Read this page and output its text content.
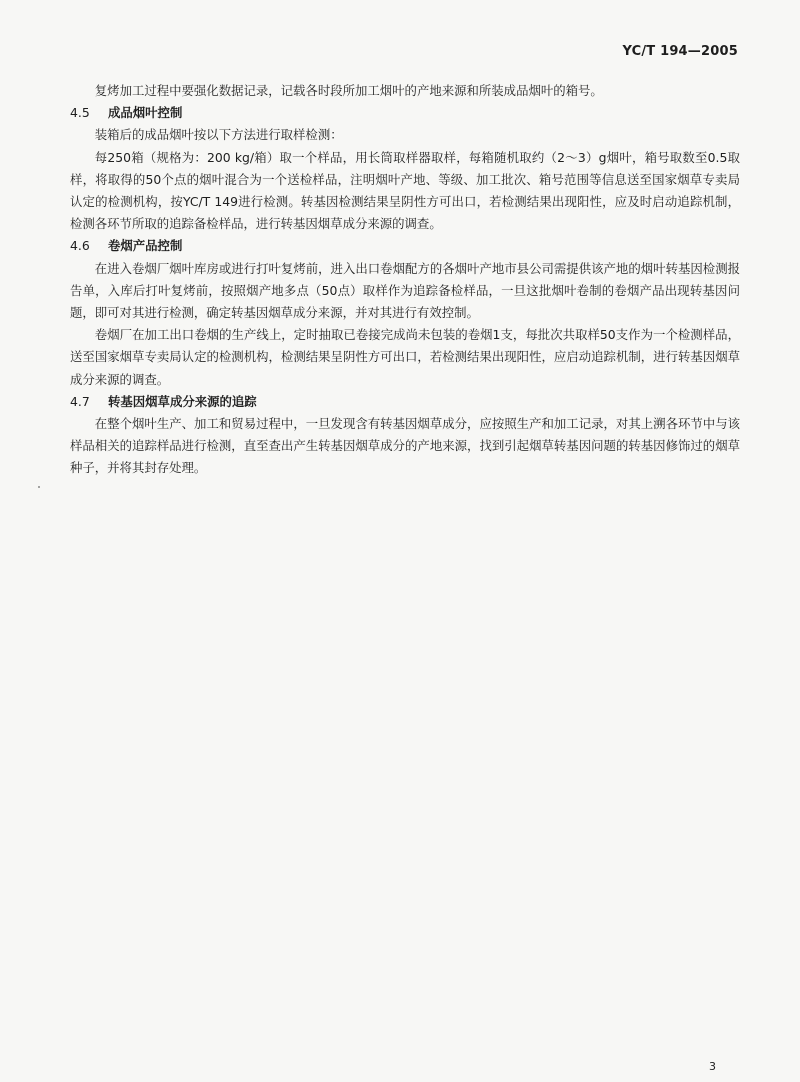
YC/T 194—2005

复烤加工过程中要强化数据记录，记载各时段所加工烟叶的产地来源和所装成品烟叶的箱号。

4.5	成品烟叶控制

装箱后的成品烟叶按以下方法进行取样检测：

每250箱（规格为：200 kg/箱）取一个样品，用长筒取样器取样，每箱随机取约（2～3）g烟叶，箱号取数至0.5取样，将取得的50个点的烟叶混合为一个送检样品，注明烟叶产地、等级、加工批次、箱号范围等信息送至国家烟草专卖局认定的检测机构，按YC/T 149进行检测。转基因检测结果呈阴性方可出口，若检测结果出现阳性，应及时启动追踪机制，检测各环节所取的追踪备检样品，进行转基因烟草成分来源的调查。

4.6	卷烟产品控制

在进入卷烟厂烟叶库房或进行打叶复烤前，进入出口卷烟配方的各烟叶产地市县公司需提供该产地的烟叶转基因检测报告单，入库后打叶复烤前，按照烟产地多点（50点）取样作为追踪备检样品，一旦这批烟叶卷制的卷烟产品出现转基因问题，即可对其进行检测，确定转基因烟草成分来源，并对其进行有效控制。

卷烟厂在加工出口卷烟的生产线上，定时抽取已卷接完成尚未包装的卷烟1支，每批次共取样50支作为一个检测样品，送至国家烟草专卖局认定的检测机构，检测结果呈阴性方可出口，若检测结果出现阳性，应启动追踪机制，进行转基因烟草成分来源的调查。

4.7	转基因烟草成分来源的追踪

在整个烟叶生产、加工和贸易过程中，一旦发现含有转基因烟草成分，应按照生产和加工记录，对其上溯各环节中与该样品相关的追踪样品进行检测，直至查出产生转基因烟草成分的产地来源，找到引起烟草转基因问题的转基因修饰过的烟草种子，并将其封存处理。

3
